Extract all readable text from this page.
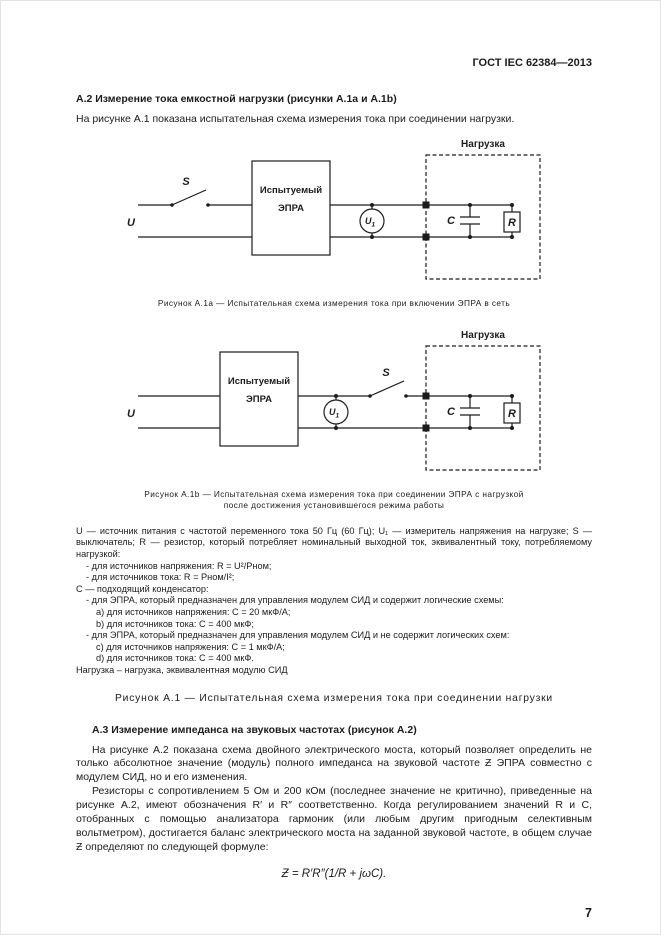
ГОСТ IEC 62384—2013
А.2 Измерение тока емкостной нагрузки (рисунки А.1а и А.1b)

На рисунке А.1 показана испытательная схема измерения тока при соединении нагрузки.

Нагрузка
U
S
Испытуемый
ЭПРА
$U_1$	C	R
Рисунок А.1а — Испытательная схема измерения тока при включении ЭПРА в сеть
Нагрузка
U
S
Испытуемый
ЭПРА
$U_1$	C	R
Рисунок А.1b — Испытательная схема измерения тока при соединении ЭПРА с нагрузкой
после достижения установившегося режима работы

U — источник питания с частотой переменного тока 50 Гц (60 Гц); U₁ — измеритель напряжения на нагрузке; S — выключатель; R — резистор, который потребляет номинальный выходной ток, эквивалентный току, потребляемому нагрузкой:

- для источников напряжения: R = U²/Pном;

- для источников тока: R = Pном/I²;

C — подходящий конденсатор:

- для ЭПРА, который предназначен для управления модулем СИД и содержит логические схемы:

а) для источников напряжения: C = 20 мкФ/А;

b) для источников тока: C = 400 мкФ;

- для ЭПРА, который предназначен для управления модулем СИД и не содержит логических схем:

с) для источников напряжения: C = 1 мкФ/А;

d) для источников тока: C = 400 мкФ.

Нагрузка – нагрузка, эквивалентная модулю СИД

Рисунок А.1 — Испытательная схема измерения тока при соединении нагрузки
А.3 Измерение импеданса на звуковых частотах (рисунок А.2)

На рисунке А.2 показана схема двойного электрического моста, который позволяет определить не только абсолютное значение (модуль) полного импеданса на звуковой частоте Ƶ ЭПРА совместно с модулем СИД, но и его изменения.

Резисторы с сопротивлением 5 Ом и 200 кОм (последнее значение не критично), приведенные на рисунке А.2, имеют обозначения R′ и R″ соответственно. Когда регулированием значений R и C, отобранных с помощью анализатора гармоник (или любым другим пригодным селективным вольтметром), достигается баланс электрического моста на заданной звуковой частоте, в общем случае Ƶ определяют по следующей формуле:

Ƶ = R′R″(1/R + jωC).
7
